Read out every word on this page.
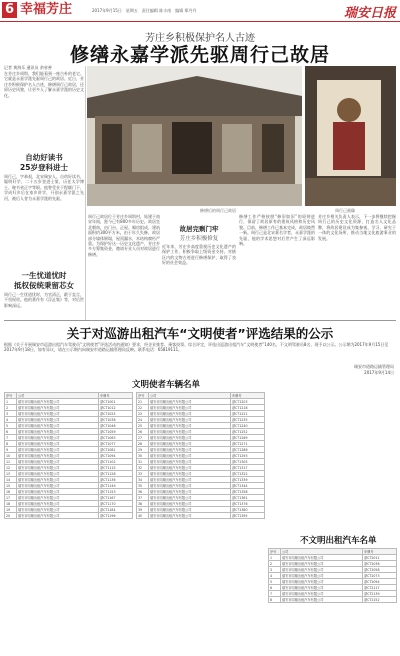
6 幸福芳庄	2017年9月15日　星期五　责任编辑 陈丰南　编辑 郑丹丹	瑞安日报
芳庄乡积极保护名人古迹
修缮永嘉学派先驱周行己故居
记者 黄海乐 通讯员 余省善
在芳庄乡周圳，我们能看到一座古朴的老宅。它就是永嘉学派先驱周行己的故居。近日，芳庄乡积极保护名人古迹，修缮周行己故居，还原历史风貌，让更多人了解永嘉学派的历史文化。
修缮后的周行己故居	周行己画像
自幼好读书
25岁登科进士
周行己，字恭叔，北宋瑞安人。自幼好读书，聪明好学，二十五岁登进士第，历任太学博士、秘书省正字等职。他曾受业于程颐门下，学成归乡后在家乡讲学，开创永嘉学派之先河，被后人誉为永嘉学派的先驱。
一生忧道忧时
抵权佞统秉留芯女
周行己一生忧道忧时，为官清正，敢于直言，不畏权贵。他的著作有《浮沚集》等，对后世影响深远。
周行己故居位于芳庄乡周圳村，始建于南宋年间，距今已有800多年历史。故居坐北朝南，由门台、正屋、厢房组成，建筑面积约300平方米。由于年久失修，故居部分墙体倒塌，屋顶漏水，木结构腐朽严重。为保护好这一历史文化遗产，芳庄乡多方筹集资金，邀请专业人员对故居进行修缮。
故居完剩门牢
芳庄乡积极修复
近年来，芳庄乡高度重视历史文化遗产的保护工作，积极争取上级资金支持，对辖区内的文物古迹进行修缮保护，取得了良好的社会效益。
修缮工作严格按照“修旧如旧”的原则进行，保留了故居原有的建筑风格和历史风貌。目前，修缮工作已基本完成，故居焕然一新。周行己是北宋著名学者，永嘉学派的先驱，他的学术思想对后世产生了深远影响。
芳庄乡相关负责人表示，下一步将继续挖掘周行己的历史文化资源，打造名人文化品牌，将故居建设成为集参观、学习、研究于一体的文化场所，推动当地文化旅游事业的发展。
关于对巡游出租汽车“文明使者”评选结果的公示
根据《关于开展瑞安市巡游出租汽车驾驶员“文明使者”评选活动的通知》要求，经企业推荐、乘客投票、综合评定，评选出巡游出租汽车“文明使者”140名，不文明驾驶员8名，现予以公示。公示期为2017年9月15日至2017年9月18日，如有异议，请在公示期内向瑞安市道路运输管理局反映。联系电话：65819111。
瑞安市道路运输管理局
2017年9月14日
文明使者车辆名单
序号	公司	车牌号
1	瑞安市同顺出租汽车有限公司	浙CT1001
2	瑞安市同顺出租汽车有限公司	浙CT1012
3	瑞安市同顺出租汽车有限公司	浙CT1025
4	瑞安市同顺出租汽车有限公司	浙CT1038
5	瑞安市同顺出租汽车有限公司	浙CT1046
6	瑞安市同顺出租汽车有限公司	浙CT1059
7	瑞安市同顺出租汽车有限公司	浙CT1063
8	瑞安市同顺出租汽车有限公司	浙CT1077
9	瑞安市同顺出租汽车有限公司	浙CT1081
10	瑞安市同顺出租汽车有限公司	浙CT1094
11	瑞安市同顺出租汽车有限公司	浙CT1102
12	瑞安市同顺出租汽车有限公司	浙CT1115
13	瑞安市同顺出租汽车有限公司	浙CT1128
14	瑞安市同顺出租汽车有限公司	浙CT1136
15	瑞安市同顺出租汽车有限公司	浙CT1149
16	瑞安市同顺出租汽车有限公司	浙CT1153
17	瑞安市同顺出租汽车有限公司	浙CT1167
18	瑞安市同顺出租汽车有限公司	浙CT1170
19	瑞安市同顺出租汽车有限公司	浙CT1184
20	瑞安市同顺出租汽车有限公司	浙CT1196
序号	公司	车牌号
21	瑞安市同顺出租汽车有限公司	浙CT1203
22	瑞安市同顺出租汽车有限公司	浙CT1218
23	瑞安市同顺出租汽车有限公司	浙CT1221
24	瑞安市同顺出租汽车有限公司	浙CT1235
25	瑞安市同顺出租汽车有限公司	浙CT1240
26	瑞安市同顺出租汽车有限公司	浙CT1252
27	瑞安市同顺出租汽车有限公司	浙CT1269
28	瑞安市同顺出租汽车有限公司	浙CT1271
29	瑞安市同顺出租汽车有限公司	浙CT1286
30	瑞安市同顺出租汽车有限公司	浙CT1293
31	瑞安市同顺出租汽车有限公司	浙CT1305
32	瑞安市同顺出租汽车有限公司	浙CT1317
33	瑞安市同顺出租汽车有限公司	浙CT1322
34	瑞安市同顺出租汽车有限公司	浙CT1339
35	瑞安市同顺出租汽车有限公司	浙CT1344
36	瑞安市同顺出租汽车有限公司	浙CT1358
37	瑞安市同顺出租汽车有限公司	浙CT1361
38	瑞安市同顺出租汽车有限公司	浙CT1376
39	瑞安市同顺出租汽车有限公司	浙CT1380
40	瑞安市同顺出租汽车有限公司	浙CT1395
不文明出租汽车名单
序号	公司	车牌号
1	瑞安市同顺出租汽车有限公司	浙CT2011
2	瑞安市同顺出租汽车有限公司	浙CT2036
3	瑞安市同顺出租汽车有限公司	浙CT2058
4	瑞安市同顺出租汽车有限公司	浙CT2073
5	瑞安市同顺出租汽车有限公司	浙CT2094
6	瑞安市同顺出租汽车有限公司	浙CT2117
7	瑞安市同顺出租汽车有限公司	浙CT2139
8	瑞安市同顺出租汽车有限公司	浙CT2152
